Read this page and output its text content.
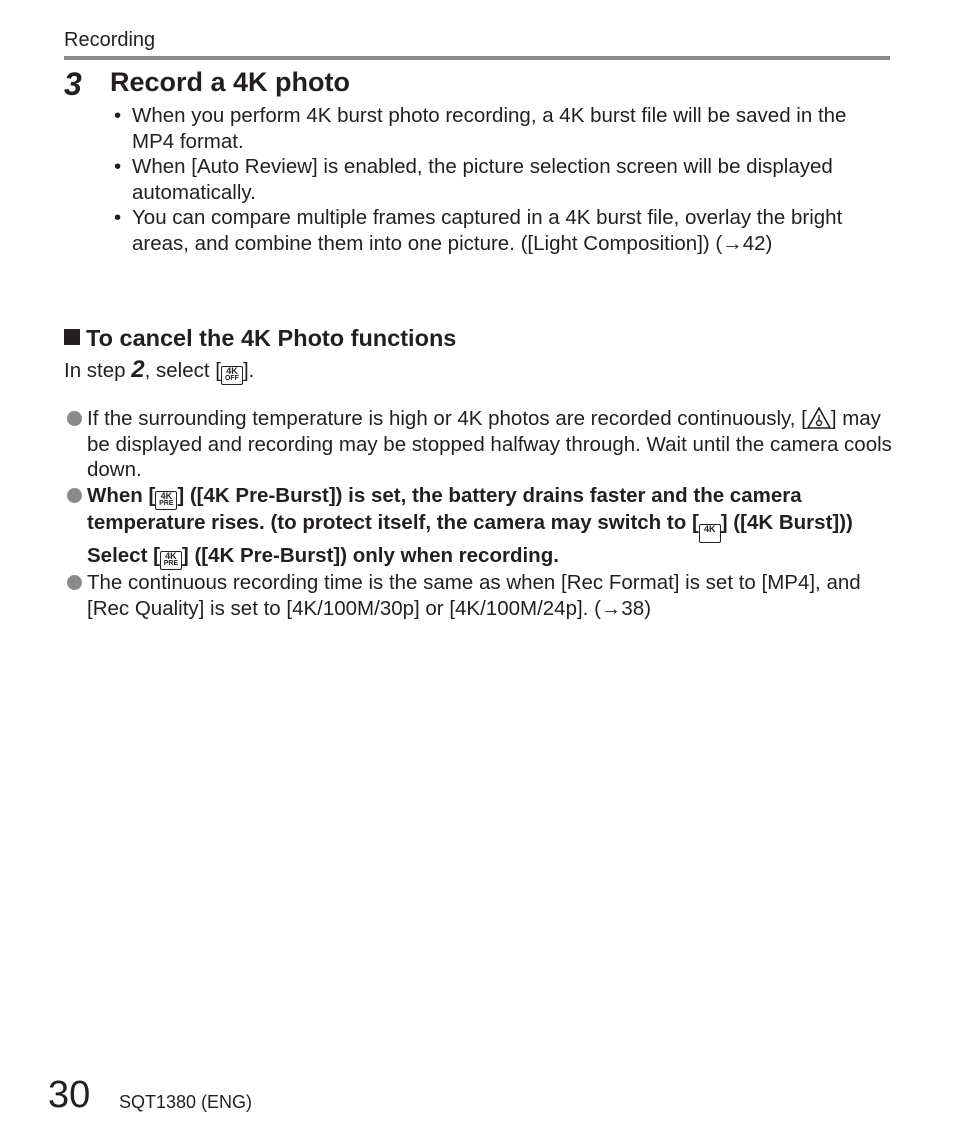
Recording
3 Record a 4K photo
• When you perform 4K burst photo recording, a 4K burst file will be saved in the MP4 format.
• When [Auto Review] is enabled, the picture selection screen will be displayed automatically.
• You can compare multiple frames captured in a 4K burst file, overlay the bright areas, and combine them into one picture. ([Light Composition]) (→42)
To cancel the 4K Photo functions
In step 2, select [ 4K
OFF ].
If the surrounding temperature is high or 4K photos are recorded continuously, [ ] may be displayed and recording may be stopped halfway through. Wait until the camera cools down.
When [ 4K
PRE ] ([4K Pre-Burst]) is set, the battery drains faster and the camera temperature rises. (to protect itself, the camera may switch to [ 4K ] ([4K Burst]))
Select [ 4K
PRE ] ([4K Pre-Burst]) only when recording.
The continuous recording time is the same as when [Rec Format] is set to [MP4], and [Rec Quality] is set to [4K/100M/30p] or [4K/100M/24p]. (→38)
30 SQT1380 (ENG)
